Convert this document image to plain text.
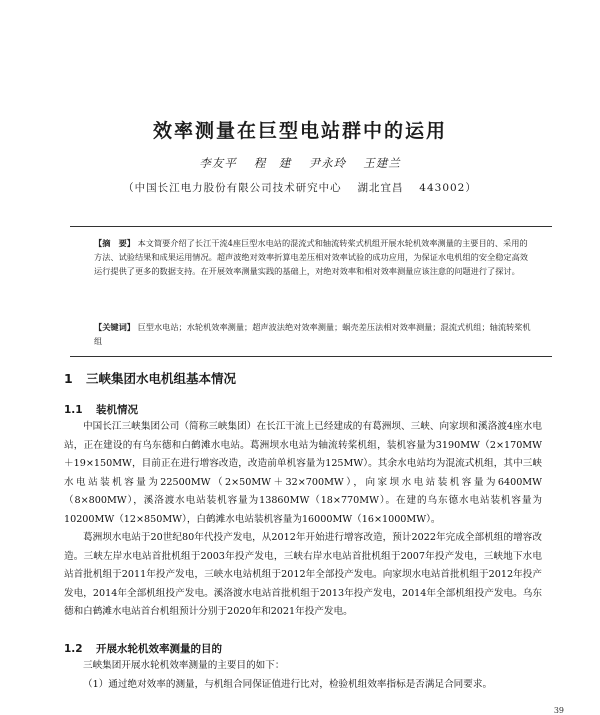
效率测量在巨型电站群中的运用
李友平　 程　建　 尹永玲　 王建兰
（中国长江电力股份有限公司技术研究中心　 湖北宜昌　 443002）
【摘　要】 本文简要介绍了长江干流4座巨型水电站的混流式和轴流转桨式机组开展水轮机效率测量的主要目的、采用的方法、试验结果和成果运用情况。超声波绝对效率折算电差压相对效率试验的成功应用，为保证水电机组的安全稳定高效运行提供了更多的数据支持。在开展效率测量实践的基础上，对绝对效率和相对效率测量应该注意的问题进行了探讨。
【关键词】 巨型水电站；水轮机效率测量；超声波法绝对效率测量；蜗壳差压法相对效率测量；混流式机组；轴流转桨机组
1 三峡集团水电机组基本情况
1.1 装机情况

中国长江三峡集团公司（简称三峡集团）在长江干流上已经建成的有葛洲坝、三峡、向家坝和溪洛渡4座水电站，正在建设的有乌东德和白鹤滩水电站。葛洲坝水电站为轴流转桨机组，装机容量为3190MW（2×170MW＋19×150MW，目前正在进行增容改造，改造前单机容量为125MW）。其余水电站均为混流式机组，其中三峡水电站装机容量为22500MW（2×50MW＋32×700MW），向家坝水电站装机容量为6400MW（8×800MW），溪洛渡水电站装机容量为13860MW（18×770MW）。在建的乌东德水电站装机容量为10200MW（12×850MW），白鹤滩水电站装机容量为16000MW（16×1000MW）。

葛洲坝水电站于20世纪80年代投产发电，从2012年开始进行增容改造，预计2022年完成全部机组的增容改造。三峡左岸水电站首批机组于2003年投产发电，三峡右岸水电站首批机组于2007年投产发电，三峡地下水电站首批机组于2011年投产发电，三峡水电站机组于2012年全部投产发电。向家坝水电站首批机组于2012年投产发电，2014年全部机组投产发电。溪洛渡水电站首批机组于2013年投产发电，2014年全部机组投产发电。乌东德和白鹤滩水电站首台机组预计分别于2020年和2021年投产发电。

1.2 开展水轮机效率测量的目的

三峡集团开展水轮机效率测量的主要目的如下：

（1）通过绝对效率的测量，与机组合同保证值进行比对，检验机组效率指标是否满足合同要求。

39
